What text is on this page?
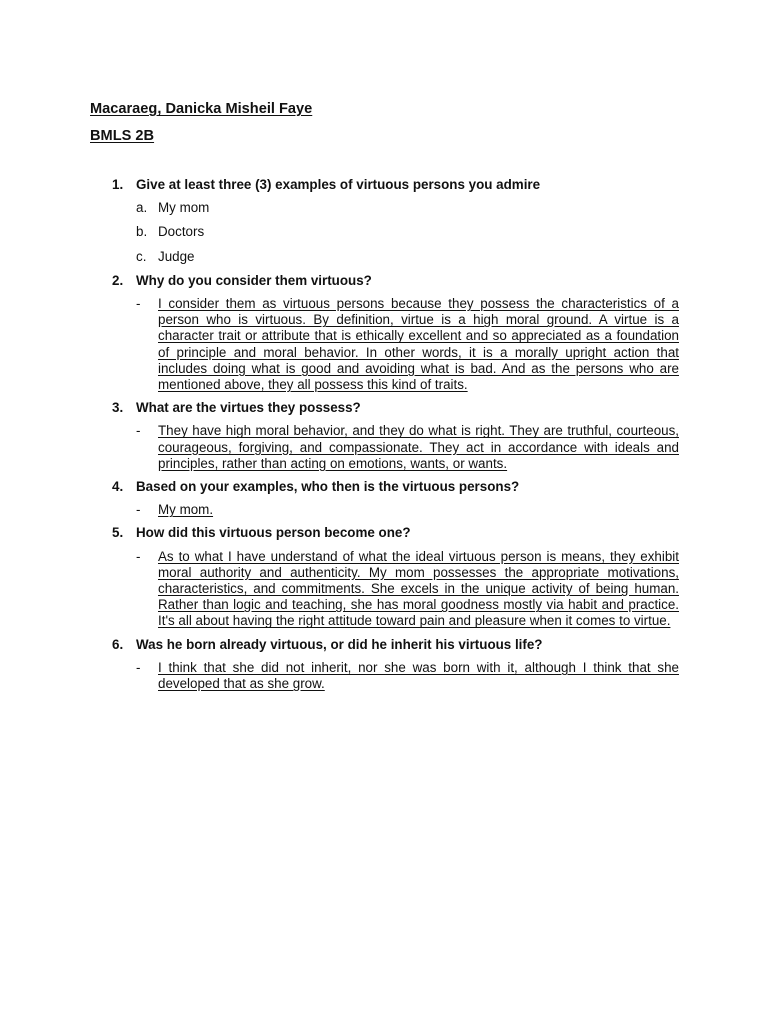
Macaraeg, Danicka Misheil Faye
BMLS 2B
1. Give at least three (3) examples of virtuous persons you admire
a. My mom
b. Doctors
c. Judge
2. Why do you consider them virtuous?
- I consider them as virtuous persons because they possess the characteristics of a person who is virtuous. By definition, virtue is a high moral ground. A virtue is a character trait or attribute that is ethically excellent and so appreciated as a foundation of principle and moral behavior. In other words, it is a morally upright action that includes doing what is good and avoiding what is bad. And as the persons who are mentioned above, they all possess this kind of traits.
3. What are the virtues they possess?
- They have high moral behavior, and they do what is right. They are truthful, courteous, courageous, forgiving, and compassionate. They act in accordance with ideals and principles, rather than acting on emotions, wants, or wants.
4. Based on your examples, who then is the virtuous persons?
- My mom.
5. How did this virtuous person become one?
- As to what I have understand of what the ideal virtuous person is means, they exhibit moral authority and authenticity. My mom possesses the appropriate motivations, characteristics, and commitments. She excels in the unique activity of being human. Rather than logic and teaching, she has moral goodness mostly via habit and practice. It's all about having the right attitude toward pain and pleasure when it comes to virtue.
6. Was he born already virtuous, or did he inherit his virtuous life?
- I think that she did not inherit, nor she was born with it, although I think that she developed that as she grow.
